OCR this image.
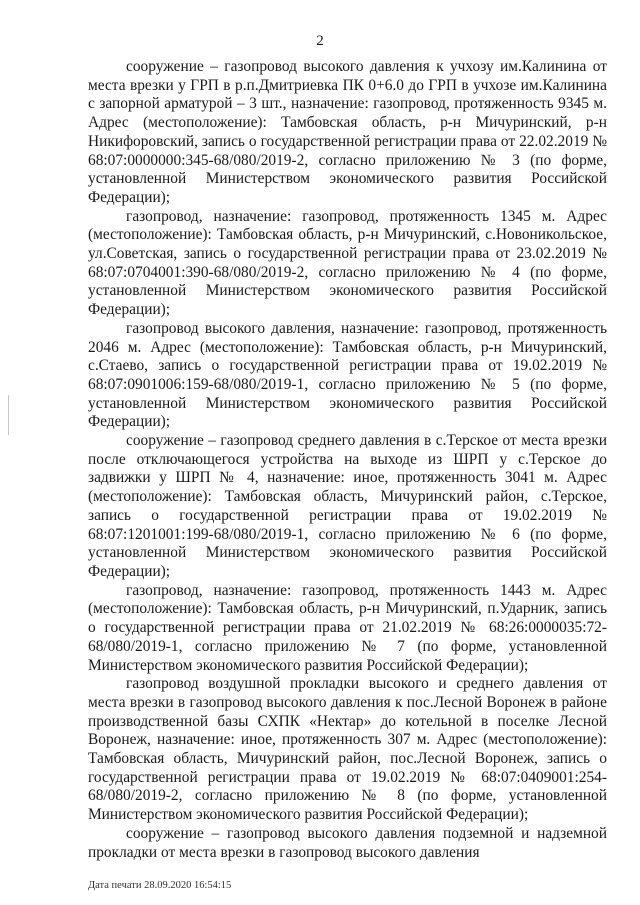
2

сооружение – газопровод высокого давления к учхозу им.Калинина от места врезки у ГРП в р.п.Дмитриевка ПК 0+6.0 до ГРП в учхозе им.Калинина с запорной арматурой – 3 шт., назначение: газопровод, протяженность 9345 м. Адрес (местоположение): Тамбовская область, р-н Мичуринский, р-н Никифоровский, запись о государственной регистрации права от 22.02.2019 № 68:07:0000000:345-68/080/2019-2, согласно приложению № 3 (по форме, установленной Министерством экономического развития Российской Федерации);

газопровод, назначение: газопровод, протяженность 1345 м. Адрес (местоположение): Тамбовская область, р-н Мичуринский, с.Новоникольское, ул.Советская, запись о государственной регистрации права от 23.02.2019 № 68:07:0704001:390-68/080/2019-2, согласно приложению № 4 (по форме, установленной Министерством экономического развития Российской Федерации);

газопровод высокого давления, назначение: газопровод, протяженность 2046 м. Адрес (местоположение): Тамбовская область, р-н Мичуринский, с.Стаево, запись о государственной регистрации права от 19.02.2019 № 68:07:0901006:159-68/080/2019-1, согласно приложению № 5 (по форме, установленной Министерством экономического развития Российской Федерации);

сооружение – газопровод среднего давления в с.Терское от места врезки после отключающегося устройства на выходе из ШРП у с.Терское до задвижки у ШРП № 4, назначение: иное, протяженность 3041 м. Адрес (местоположение): Тамбовская область, Мичуринский район, с.Терское, запись о государственной регистрации права от 19.02.2019 № 68:07:1201001:199-68/080/2019-1, согласно приложению № 6 (по форме, установленной Министерством экономического развития Российской Федерации);

газопровод, назначение: газопровод, протяженность 1443 м. Адрес (местоположение): Тамбовская область, р-н Мичуринский, п.Ударник, запись о государственной регистрации права от 21.02.2019 № 68:26:0000035:72-68/080/2019-1, согласно приложению № 7 (по форме, установленной Министерством экономического развития Российской Федерации);

газопровод воздушной прокладки высокого и среднего давления от места врезки в газопровод высокого давления к пос.Лесной Воронеж в районе производственной базы СХПК «Нектар» до котельной в поселке Лесной Воронеж, назначение: иное, протяженность 307 м. Адрес (местоположение): Тамбовская область, Мичуринский район, пос.Лесной Воронеж, запись о государственной регистрации права от 19.02.2019 № 68:07:0409001:254-68/080/2019-2, согласно приложению № 8 (по форме, установленной Министерством экономического развития Российской Федерации);

сооружение – газопровод высокого давления подземной и надземной прокладки от места врезки в газопровод высокого давления

Дата печати 28.09.2020 16:54:15
